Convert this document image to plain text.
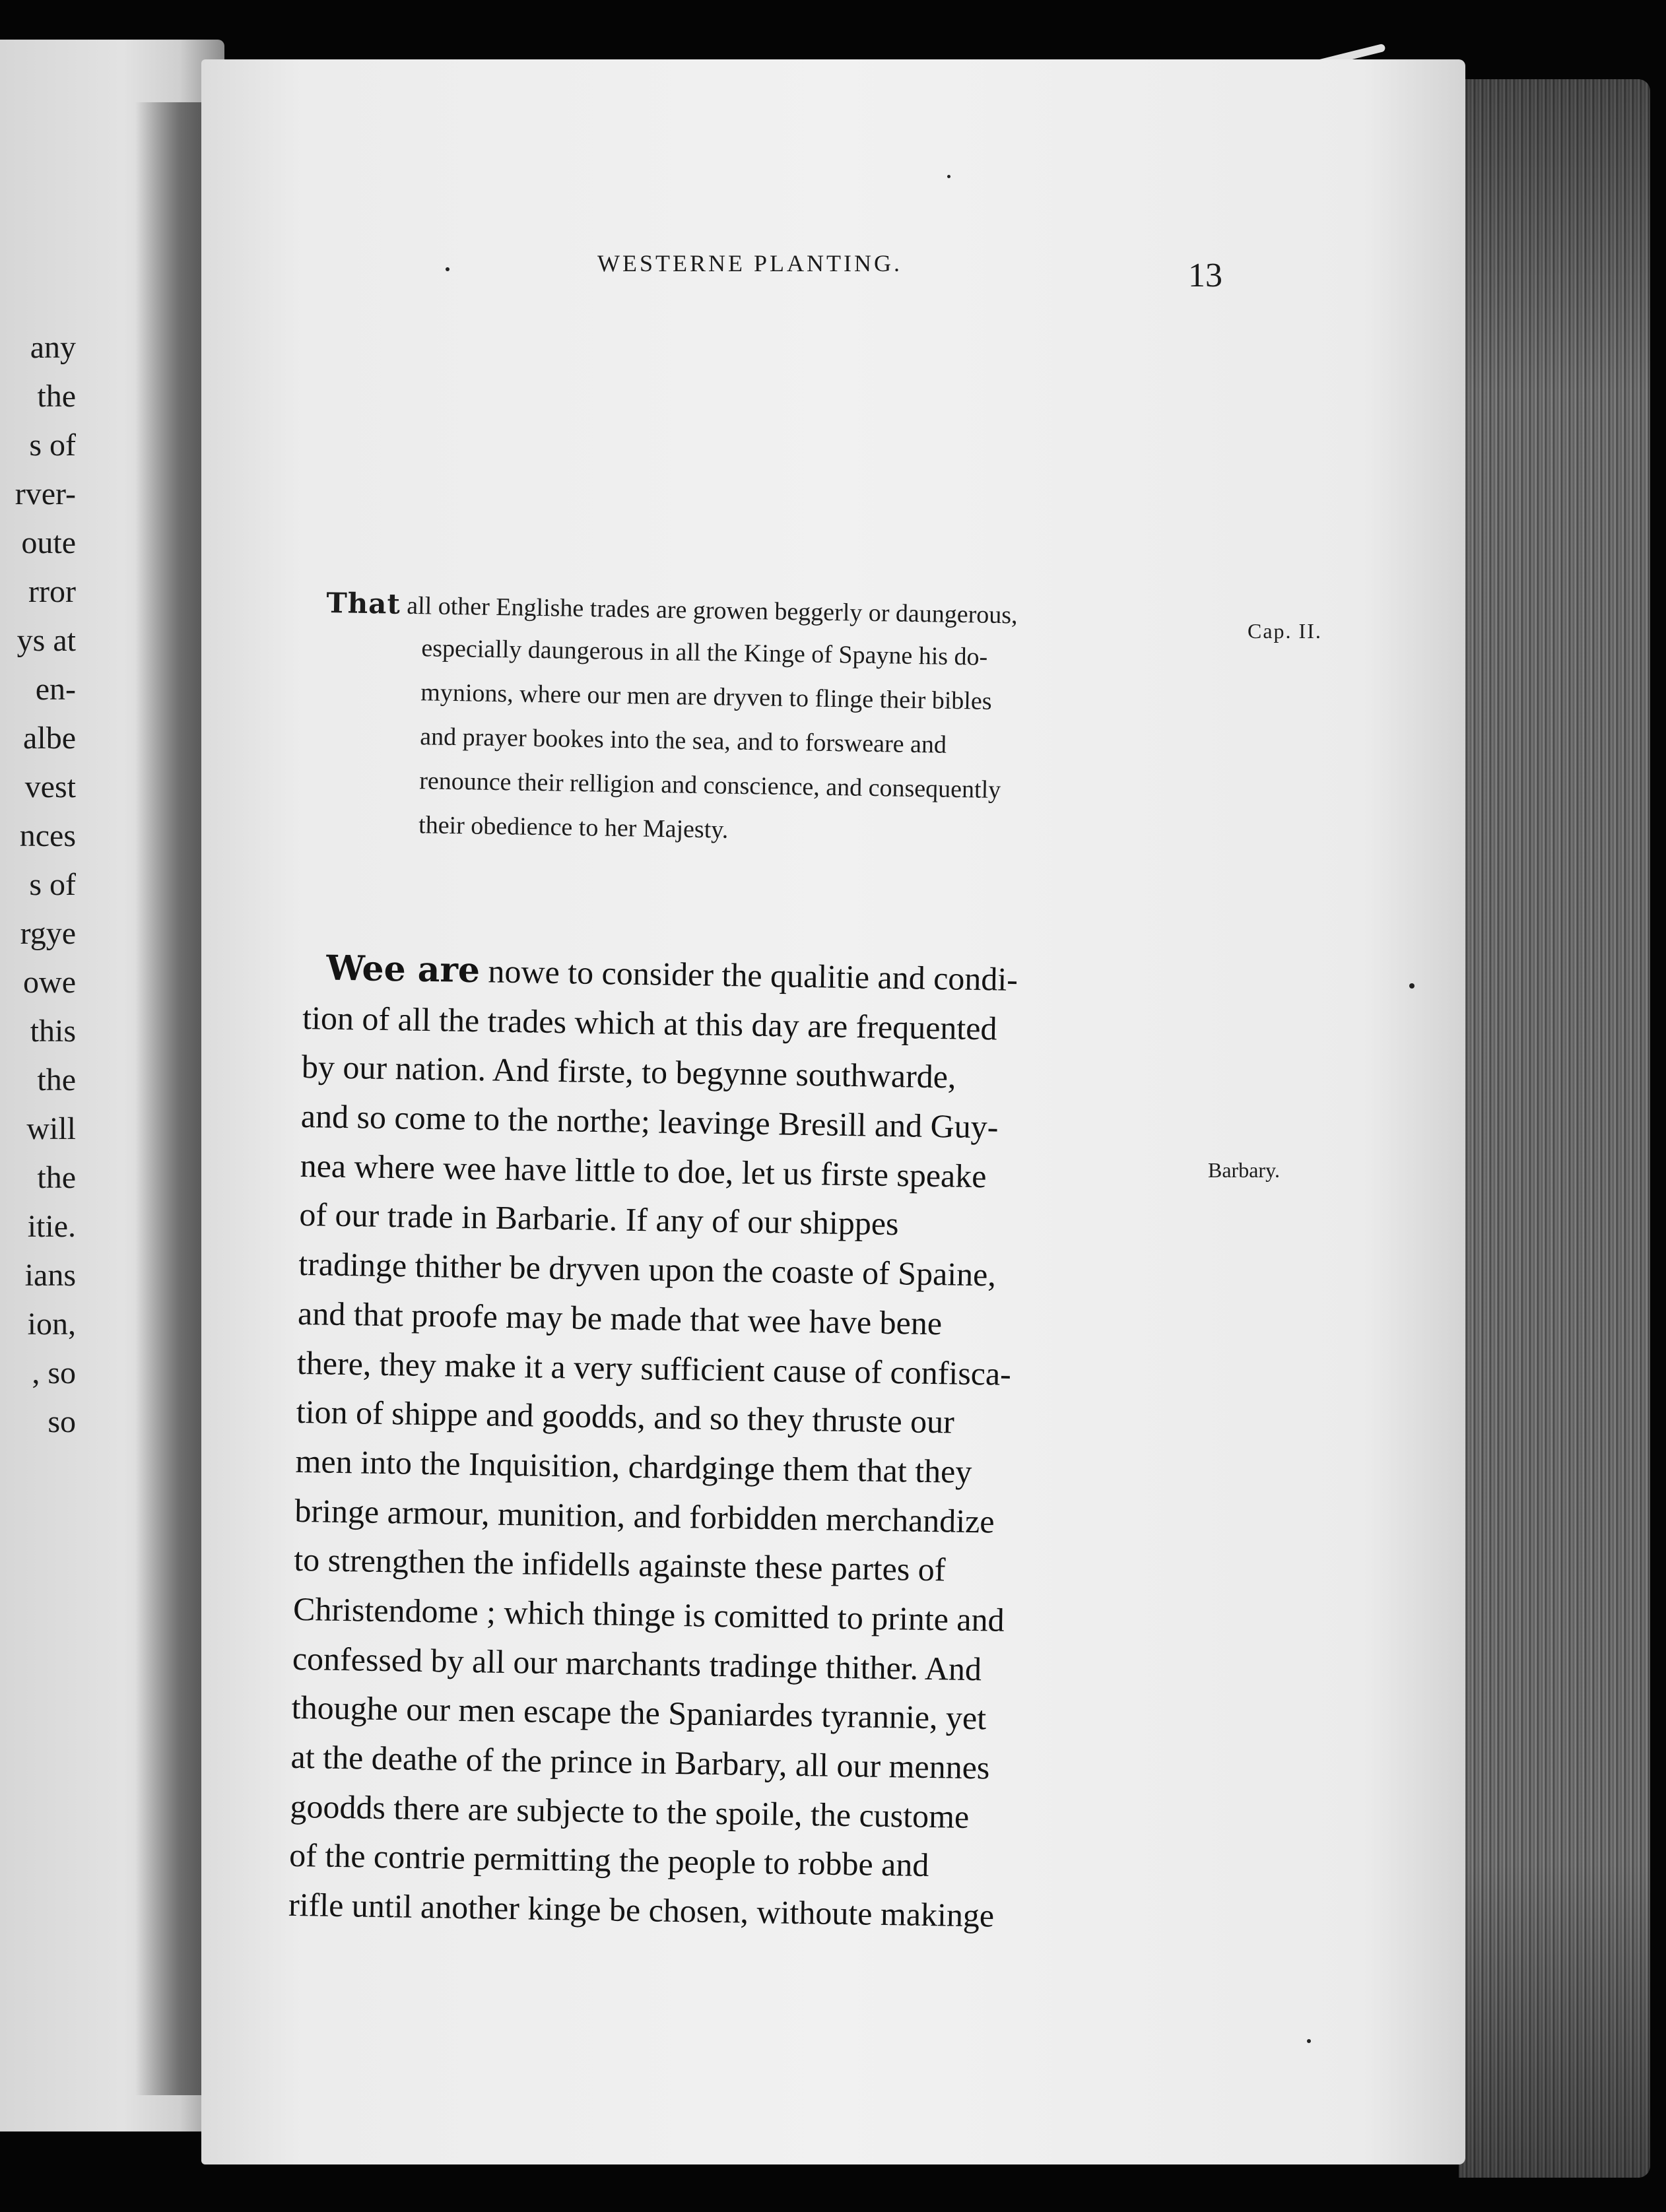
any
the
s of
rver-
oute
rror
ys at
en-
albe
vest
nces
s of
rgye
owe
this
the
will
the
itie.
ians
ion,
, so
so
WESTERNE PLANTING.	13
That all other Englishe trades are growen beggerly or daungerous,
especially daungerous in all the Kinge of Spayne his do-
mynions, where our men are dryven to flinge their bibles
and prayer bookes into the sea, and to forsweare and
renounce their relligion and conscience, and consequently
their obedience to her Majesty.
Cap. II.
Barbary.
Wee are nowe to consider the qualitie and condi-
tion of all the trades which at this day are frequented
by our nation. And firste, to begynne southwarde,
and so come to the northe; leavinge Bresill and Guy-
nea where wee have little to doe, let us firste speake
of our trade in Barbarie. If any of our shippes
tradinge thither be dryven upon the coaste of Spaine,
and that proofe may be made that wee have bene
there, they make it a very sufficient cause of confisca-
tion of shippe and goodds, and so they thruste our
men into the Inquisition, chardginge them that they
bringe armour, munition, and forbidden merchandize
to strengthen the infidells againste these partes of
Christendome ; which thinge is comitted to printe and
confessed by all our marchants tradinge thither. And
thoughe our men escape the Spaniardes tyrannie, yet
at the deathe of the prince in Barbary, all our mennes
goodds there are subjecte to the spoile, the custome
of the contrie permitting the people to robbe and
rifle until another kinge be chosen, withoute makinge
